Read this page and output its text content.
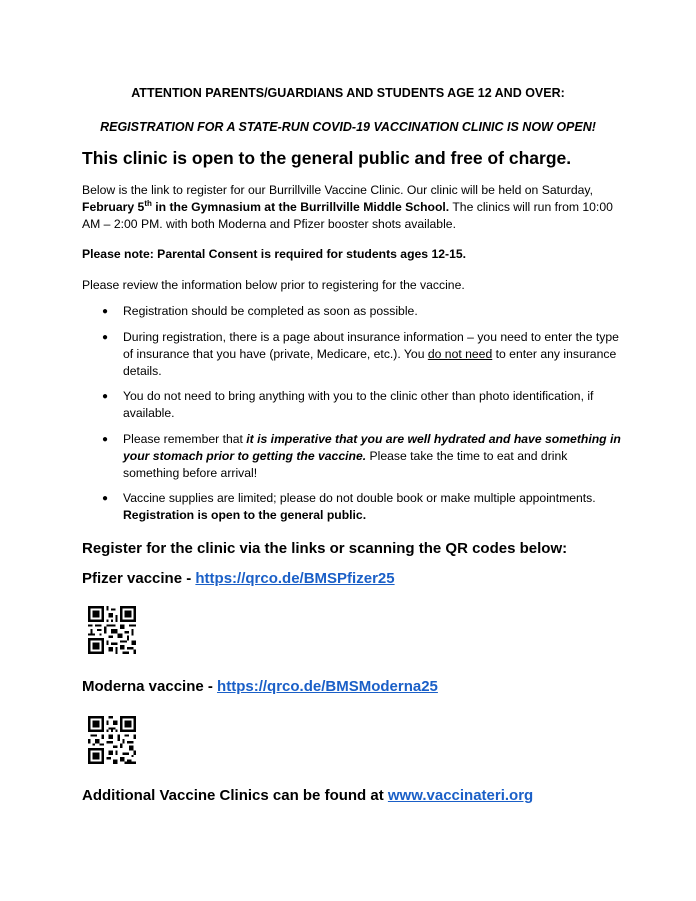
ATTENTION PARENTS/GUARDIANS AND STUDENTS AGE 12 AND OVER:
REGISTRATION FOR A STATE-RUN COVID-19 VACCINATION CLINIC IS NOW OPEN!
This clinic is open to the general public and free of charge.
Below is the link to register for our Burrillville Vaccine Clinic. Our clinic will be held on Saturday, February 5th in the Gymnasium at the Burrillville Middle School. The clinics will run from 10:00 AM – 2:00 PM. with both Moderna and Pfizer booster shots available.
Please note: Parental Consent is required for students ages 12-15.
Please review the information below prior to registering for the vaccine.
● Registration should be completed as soon as possible.
● During registration, there is a page about insurance information – you need to enter the type of insurance that you have (private, Medicare, etc.). You do not need to enter any insurance details.
● You do not need to bring anything with you to the clinic other than photo identification, if available.
● Please remember that it is imperative that you are well hydrated and have something in your stomach prior to getting the vaccine. Please take the time to eat and drink something before arrival!
● Vaccine supplies are limited; please do not double book or make multiple appointments. Registration is open to the general public.
Register for the clinic via the links or scanning the QR codes below:
Pfizer vaccine - https://qrco.de/BMSPfizer25
Moderna vaccine - https://qrco.de/BMSModerna25
Additional Vaccine Clinics can be found at www.vaccinateri.org
